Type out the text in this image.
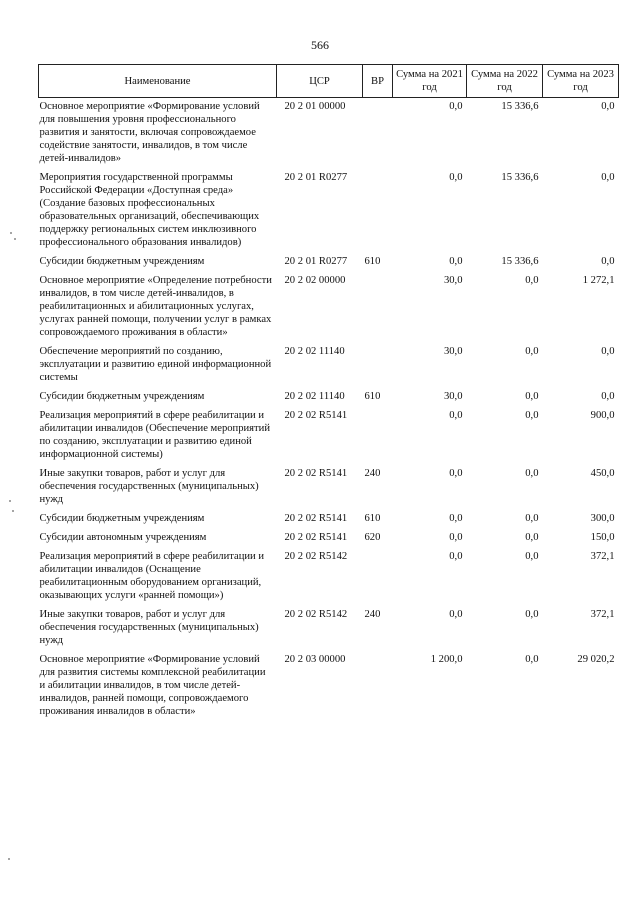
566
Наименование	ЦСР	ВР	Сумма на 2021 год	Сумма на 2022 год	Сумма на 2023 год
Основное мероприятие «Формирование условий для повышения уровня профессионального развития и занятости, включая сопровождаемое содействие занятости, инвалидов, в том числе детей-инвалидов»	20 2 01 00000		0,0	15 336,6	0,0
Мероприятия государственной программы Российской Федерации «Доступная среда» (Создание базовых профессиональных образовательных организаций, обеспечивающих поддержку региональных систем инклюзивного профессионального образования инвалидов)	20 2 01 R0277		0,0	15 336,6	0,0
Субсидии бюджетным учреждениям	20 2 01 R0277	610	0,0	15 336,6	0,0
Основное мероприятие «Определение потребности инвалидов, в том числе детей-инвалидов, в реабилитационных и абилитационных услугах, услугах ранней помощи, получении услуг в рамках сопровождаемого проживания в области»	20 2 02 00000		30,0	0,0	1 272,1
Обеспечение мероприятий по созданию, эксплуатации и развитию единой информационной системы	20 2 02 11140		30,0	0,0	0,0
Субсидии бюджетным учреждениям	20 2 02 11140	610	30,0	0,0	0,0
Реализация мероприятий в сфере реабилитации и абилитации инвалидов (Обеспечение мероприятий по созданию, эксплуатации и развитию единой информационной системы)	20 2 02 R5141		0,0	0,0	900,0
Иные закупки товаров, работ и услуг для обеспечения государственных (муниципальных) нужд	20 2 02 R5141	240	0,0	0,0	450,0
Субсидии бюджетным учреждениям	20 2 02 R5141	610	0,0	0,0	300,0
Субсидии автономным учреждениям	20 2 02 R5141	620	0,0	0,0	150,0
Реализация мероприятий в сфере реабилитации и абилитации инвалидов (Оснащение реабилитационным оборудованием организаций, оказывающих услуги «ранней помощи»)	20 2 02 R5142		0,0	0,0	372,1
Иные закупки товаров, работ и услуг для обеспечения государственных (муниципальных) нужд	20 2 02 R5142	240	0,0	0,0	372,1
Основное мероприятие «Формирование условий для развития системы комплексной реабилитации и абилитации инвалидов, в том числе детей-инвалидов, ранней помощи, сопровождаемого проживания инвалидов в области»	20 2 03 00000		1 200,0	0,0	29 020,2
